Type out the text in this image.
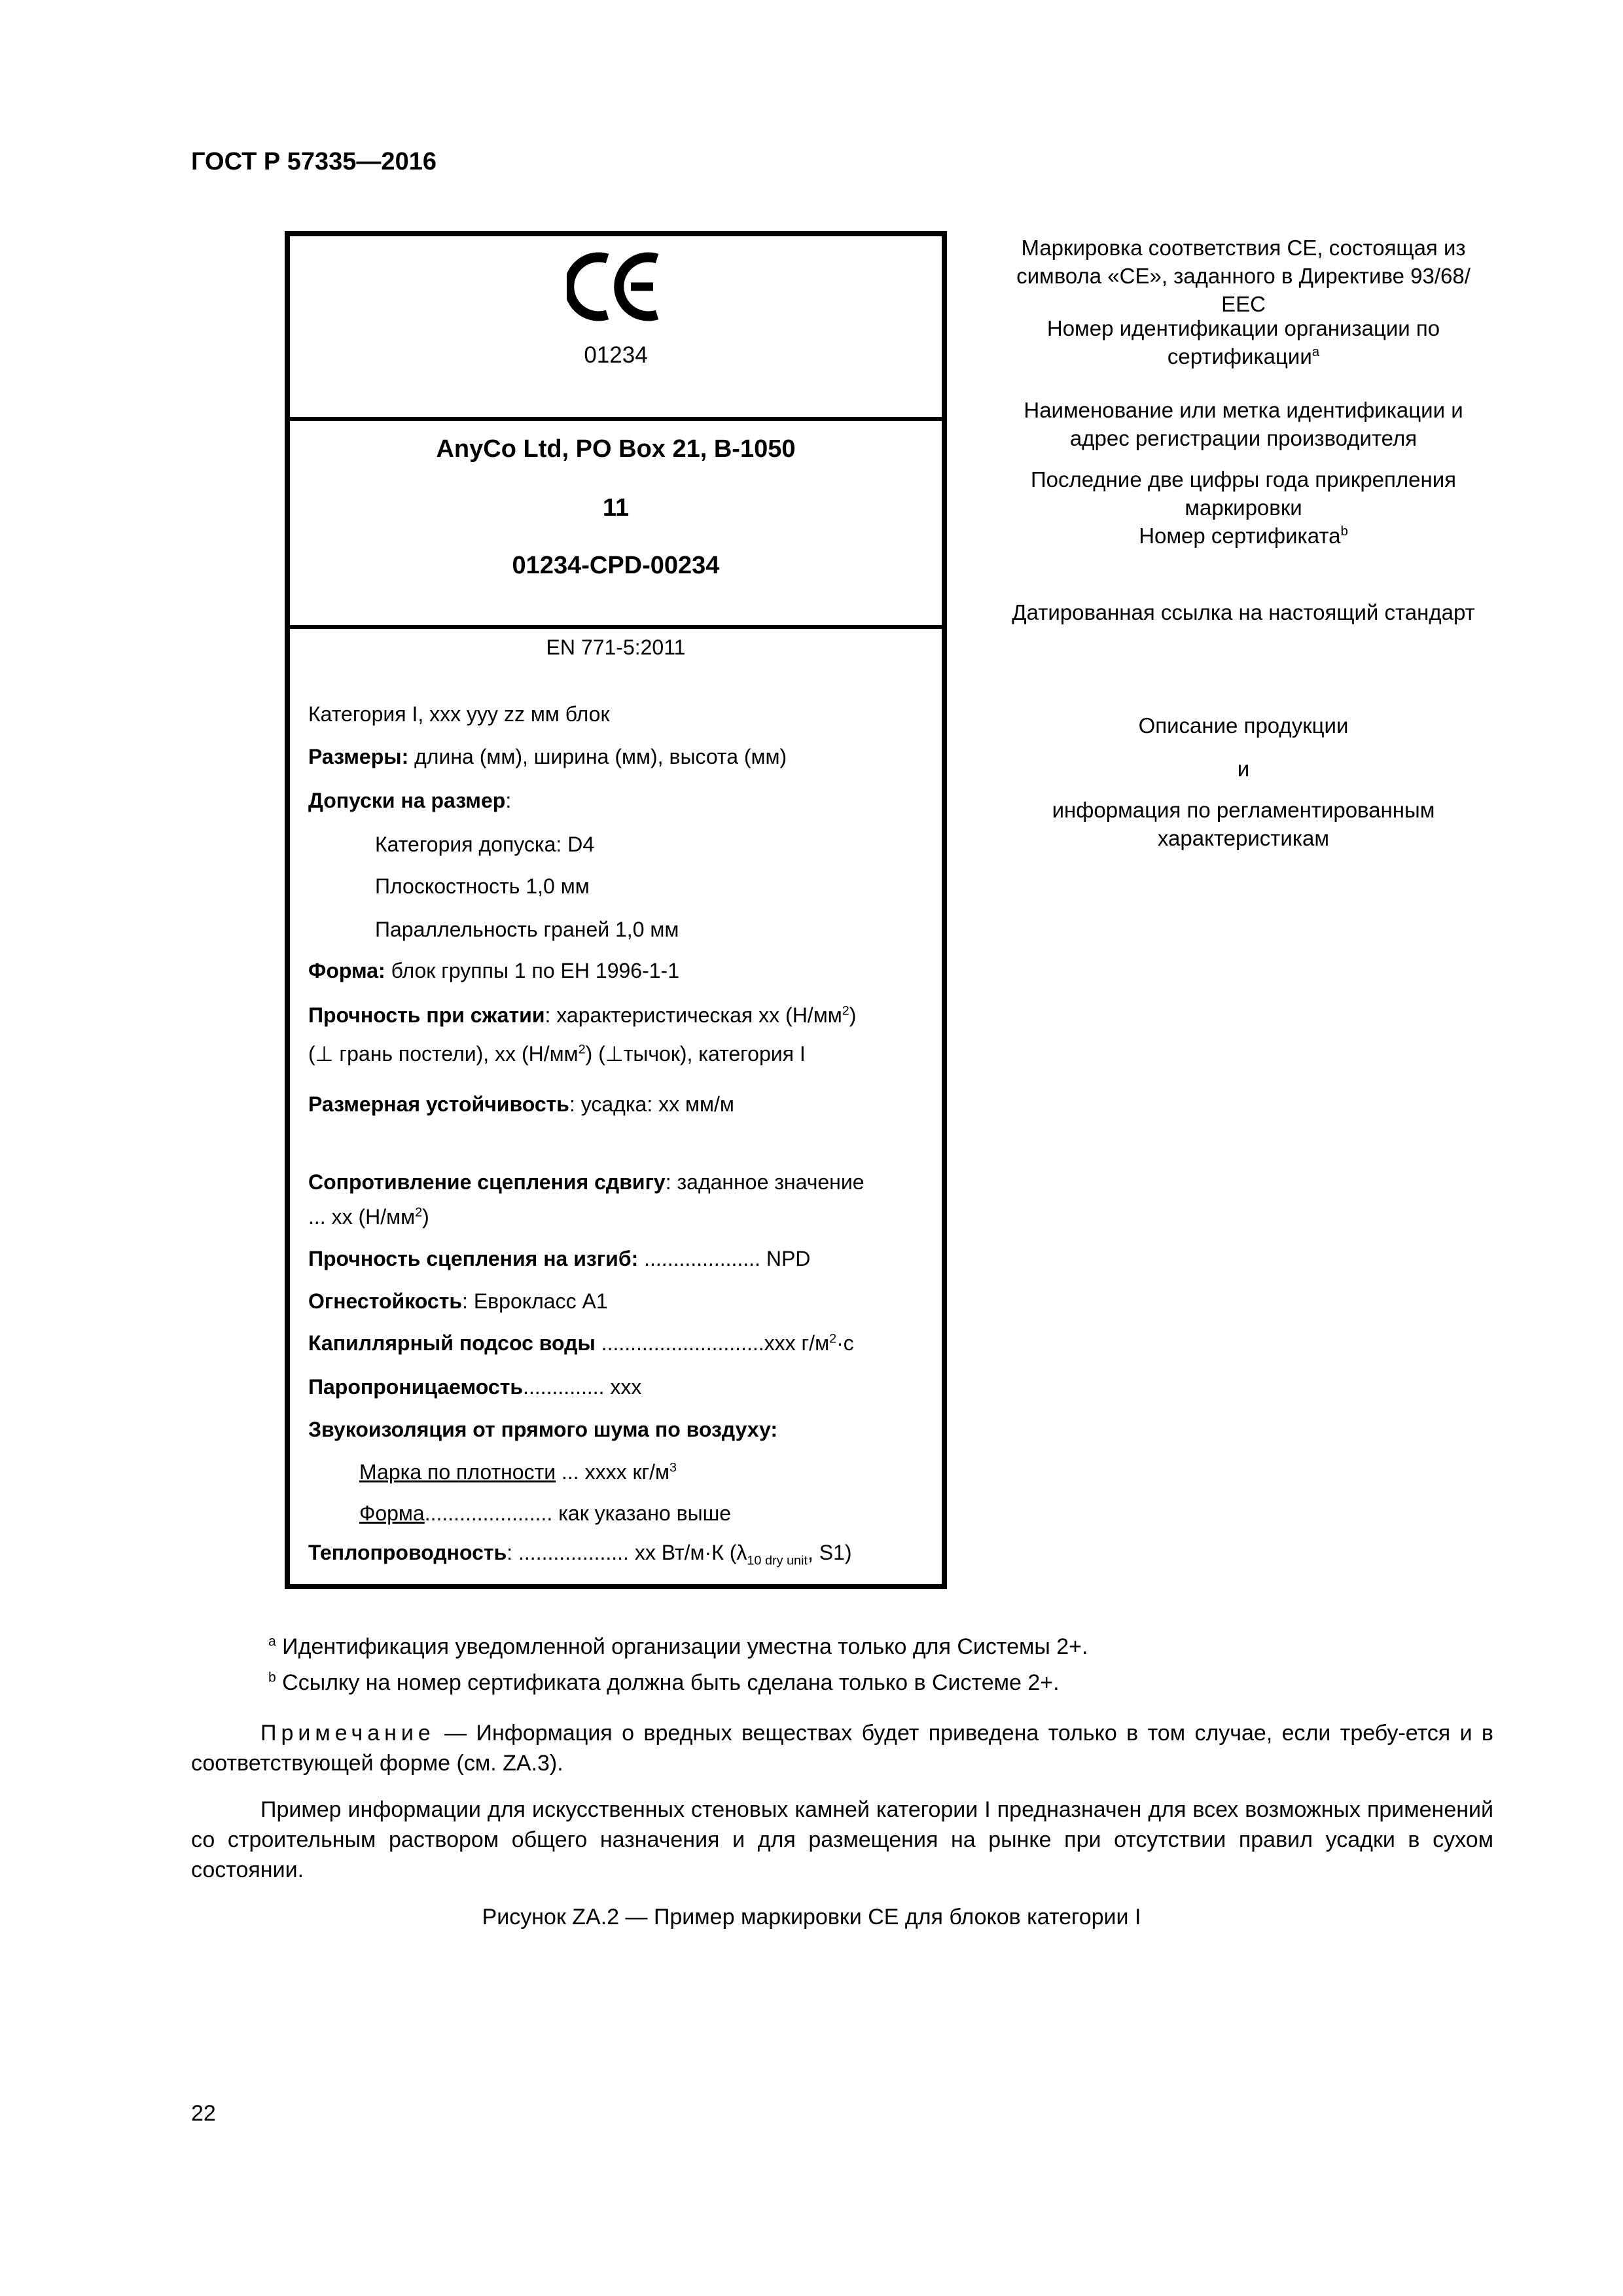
ГОСТ Р 57335—2016
01234
AnyCo Ltd, PO Box 21, B-1050
11
01234-CPD-00234
EN 771-5:2011
Категория I, ххх ууу zz мм блок
Размеры: длина (мм), ширина (мм), высота (мм)
Допуски на размер:
Категория допуска: D4
Плоскостность 1,0 мм
Параллельность граней 1,0 мм
Форма: блок группы 1 по ЕН 1996-1-1
Прочность при сжатии: характеристическая хх $(Н/мм^2)$
(⊥ грань постели), хх $(Н/мм^2)$ (⊥тычок), категория I
Размерная устойчивость: усадка: хх мм/м
Сопротивление сцепления сдвигу: заданное значение
... хх $(Н/мм^2)$
Прочность сцепления на изгиб: .................... NPD
Огнестойкость: Еврокласс А1
Капиллярный подсос воды ............................ххх $г/м^2\cdot с$
Паропроницаемость.............. ххх
Звукоизоляция от прямого шума по воздуху:
Марка по плотности ... хххх $кг/м^3$
Форма...................... как указано выше
Теплопроводность: ................... хх Вт/м·К ($\lambda_{10 dry unit}$, S1)
Маркировка соответствия СЕ, состоящая из символа «СЕ», заданного в Директиве 93/68/ЕЕС
Номер идентификации организации по сертификации$^a$
Наименование или метка идентификации и адрес регистрации производителя
Последние две цифры года прикрепления маркировки
Номер сертификата$^b$
Датированная ссылка на настоящий стандарт
Описание продукции
и
информация по регламентированным характеристикам
$^a$ Идентификация уведомленной организации уместна только для Системы 2+.
$^b$ Ссылку на номер сертификата должна быть сделана только в Системе 2+.
Примечание — Информация о вредных веществах будет приведена только в том случае, если требу-ется и в соответствующей форме (см. ZA.3).
Пример информации для искусственных стеновых камней категории I предназначен для всех возможных применений со строительным раствором общего назначения и для размещения на рынке при отсутствии правил усадки в сухом состоянии.
Рисунок ZA.2 — Пример маркировки СЕ для блоков категории I
22
